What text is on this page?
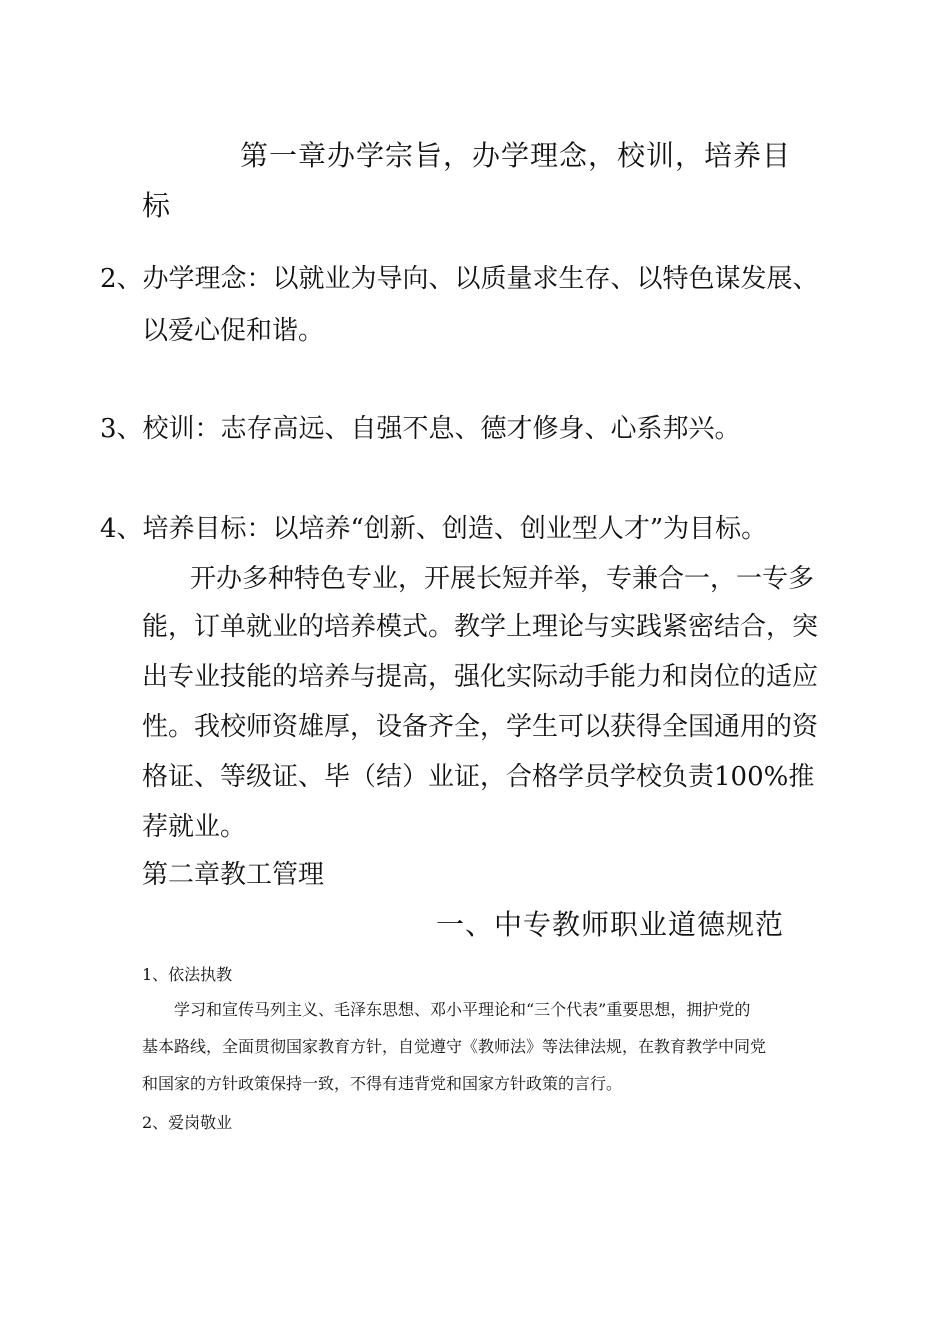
第一章办学宗旨，办学理念，校训，培养目
标
2、办学理念：以就业为导向、以质量求生存、以特色谋发展、
以爱心促和谐。
3、校训：志存高远、自强不息、德才修身、心系邦兴。
4、培养目标：以培养“创新、创造、创业型人才”为目标。
开办多种特色专业，开展长短并举，专兼合一，一专多
能，订单就业的培养模式。教学上理论与实践紧密结合，突
出专业技能的培养与提高，强化实际动手能力和岗位的适应
性。我校师资雄厚，设备齐全，学生可以获得全国通用的资
格证、等级证、毕（结）业证，合格学员学校负责100%推
荐就业。
第二章教工管理
一、中专教师职业道德规范
1、依法执教
学习和宣传马列主义、毛泽东思想、邓小平理论和“三个代表”重要思想，拥护党的
基本路线，全面贯彻国家教育方针，自觉遵守《教师法》等法律法规，在教育教学中同党
和国家的方针政策保持一致，不得有违背党和国家方针政策的言行。
2、爱岗敬业
